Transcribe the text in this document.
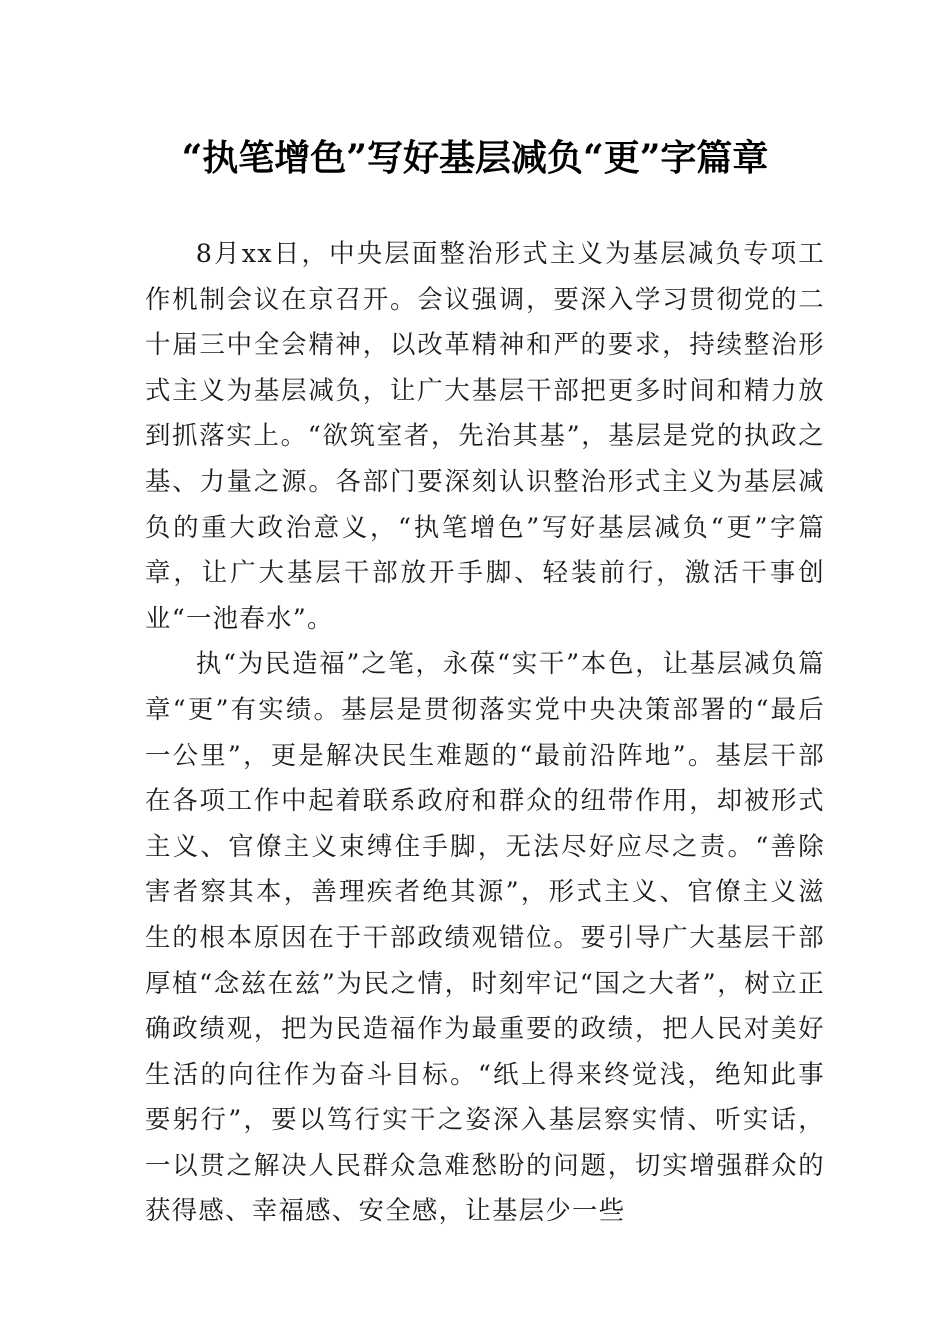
“执笔增色”写好基层减负“更”字篇章

8月xx日，中央层面整治形式主义为基层减负专项工作机制会议在京召开。会议强调，要深入学习贯彻党的二十届三中全会精神，以改革精神和严的要求，持续整治形式主义为基层减负，让广大基层干部把更多时间和精力放到抓落实上。“欲筑室者，先治其基”，基层是党的执政之基、力量之源。各部门要深刻认识整治形式主义为基层减负的重大政治意义，“执笔增色”写好基层减负“更”字篇章，让广大基层干部放开手脚、轻装前行，激活干事创业“一池春水”。

执“为民造福”之笔，永葆“实干”本色，让基层减负篇章“更”有实绩。基层是贯彻落实党中央决策部署的“最后一公里”，更是解决民生难题的“最前沿阵地”。基层干部在各项工作中起着联系政府和群众的纽带作用，却被形式主义、官僚主义束缚住手脚，无法尽好应尽之责。“善除害者察其本，善理疾者绝其源”，形式主义、官僚主义滋生的根本原因在于干部政绩观错位。要引导广大基层干部厚植“念兹在兹”为民之情，时刻牢记“国之大者”，树立正确政绩观，把为民造福作为最重要的政绩，把人民对美好生活的向往作为奋斗目标。“纸上得来终觉浅，绝知此事要躬行”，要以笃行实干之姿深入基层察实情、听实话，一以贯之解决人民群众急难愁盼的问题，切实增强群众的获得感、幸福感、安全感，让基层少一些
